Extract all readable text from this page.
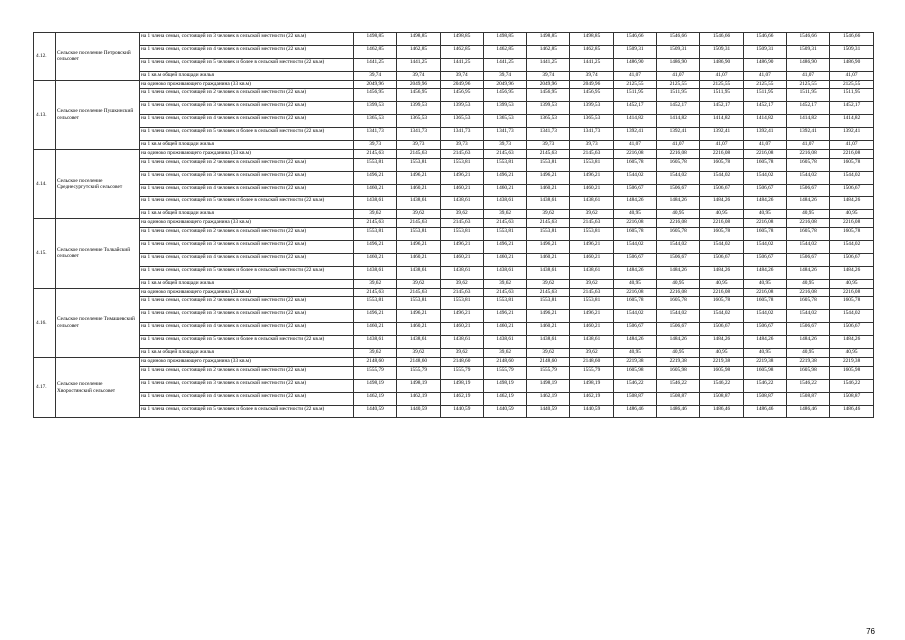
4.12.	Сельское поселение Петровский сельсовет	на 1 члена семьи, состоящей из 3 человек в сельской местности (22 кв.м)	1498,85	1498,85	1498,85	1498,85	1498,85	1498,85	1546,66	1546,66	1546,66	1546,66	1546,66	1546,66
		на 1 члена семьи, состоящей из 4 человек в сельской местности (22 кв.м)	1462,85	1462,85	1462,85	1462,85	1462,85	1462,85	1509,31	1509,31	1509,31	1509,31	1509,31	1509,31
		на 1 члена семьи, состоящей из 5 человек и более в сельской местности (22 кв.м)	1441,25	1441,25	1441,25	1441,25	1441,25	1441,25	1486,90	1486,90	1486,90	1486,90	1486,90	1486,90
		на 1 кв.м общей площади жилья	39,74	39,74	39,74	39,74	39,74	39,74	41,07	41,07	41,07	41,07	41,07	41,07
4.13.	Сельское поселение Пушкинский сельсовет	на одиноко проживающего гражданина (33 кв.м)	2049,96	2049,96	2049,96	2049,96	2049,96	2049,96	2125,55	2125,55	2125,55	2125,55	2125,55	2125,55
		на 1 члена семьи, состоящей из 2 человек в сельской местности (22 кв.м)	1456,95	1456,95	1456,95	1456,95	1456,95	1456,95	1511,95	1511,95	1511,95	1511,95	1511,95	1511,95
		на 1 члена семьи, состоящей из 3 человек в сельской местности (22 кв.м)	1399,53	1399,53	1399,53	1399,53	1399,53	1399,53	1452,17	1452,17	1452,17	1452,17	1452,17	1452,17
		на 1 члена семьи, состоящей из 4 человек в сельской местности (22 кв.м)	1365,53	1365,53	1365,53	1365,53	1365,53	1365,53	1414,82	1414,82	1414,82	1414,82	1414,82	1414,82
		на 1 члена семьи, состоящей из 5 человек и более в сельской местности (22 кв.м)	1341,73	1341,73	1341,73	1341,73	1341,73	1341,73	1392,41	1392,41	1392,41	1392,41	1392,41	1392,41
		на 1 кв.м общей площади жилья	39,73	39,73	39,73	39,73	39,73	39,73	41,07	41,07	41,07	41,07	41,07	41,07
4.14.	Сельское поселение Среднесургутский сельсовет	на одиноко проживающего гражданина (33 кв.м)	2145,63	2145,63	2145,63	2145,63	2145,63	2145,63	2216,08	2216,08	2216,08	2216,08	2216,08	2216,08
		на 1 члена семьи, состоящей из 2 человек в сельской местности (22 кв.м)	1553,81	1553,81	1553,81	1553,81	1553,81	1553,81	1605,78	1605,78	1605,78	1605,78	1605,78	1605,78
		на 1 члена семьи, состоящей из 3 человек в сельской местности (22 кв.м)	1496,21	1496,21	1496,21	1496,21	1496,21	1496,21	1544,02	1544,02	1544,02	1544,02	1544,02	1544,02
		на 1 члена семьи, состоящей из 4 человек в сельской местности (22 кв.м)	1460,21	1460,21	1460,21	1460,21	1460,21	1460,21	1506,67	1506,67	1506,67	1506,67	1506,67	1506,67
		на 1 члена семьи, состоящей из 5 человек и более в сельской местности (22 кв.м)	1438,61	1438,61	1438,61	1438,61	1438,61	1438,61	1484,26	1484,26	1484,26	1484,26	1484,26	1484,26
		на 1 кв.м общей площади жилья	39,62	39,62	39,62	39,62	39,62	39,62	40,95	40,95	40,95	40,95	40,95	40,95
4.15.	Сельское поселение Толкайский сельсовет	на одиноко проживающего гражданина (33 кв.м)	2145,63	2145,63	2145,63	2145,63	2145,63	2145,63	2216,08	2216,08	2216,08	2216,08	2216,08	2216,08
		на 1 члена семьи, состоящей из 2 человек в сельской местности (22 кв.м)	1553,81	1553,81	1553,81	1553,81	1553,81	1553,81	1605,78	1605,78	1605,78	1605,78	1605,78	1605,78
		на 1 члена семьи, состоящей из 3 человек в сельской местности (22 кв.м)	1496,21	1496,21	1496,21	1496,21	1496,21	1496,21	1544,02	1544,02	1544,02	1544,02	1544,02	1544,02
		на 1 члена семьи, состоящей из 4 человек в сельской местности (22 кв.м)	1460,21	1460,21	1460,21	1460,21	1460,21	1460,21	1506,67	1506,67	1506,67	1506,67	1506,67	1506,67
		на 1 члена семьи, состоящей из 5 человек и более в сельской местности (22 кв.м)	1438,61	1438,61	1438,61	1438,61	1438,61	1438,61	1484,26	1484,26	1484,26	1484,26	1484,26	1484,26
		на 1 кв.м общей площади жилья	39,62	39,62	39,62	39,62	39,62	39,62	40,95	40,95	40,95	40,95	40,95	40,95
4.16.	Сельское поселение Тимашевский сельсовет	на одиноко проживающего гражданина (33 кв.м)	2145,63	2145,63	2145,63	2145,63	2145,63	2145,63	2216,08	2216,08	2216,08	2216,08	2216,08	2216,08
		на 1 члена семьи, состоящей из 2 человек в сельской местности (22 кв.м)	1553,81	1553,81	1553,81	1553,81	1553,81	1553,81	1605,78	1605,78	1605,78	1605,78	1605,78	1605,78
		на 1 члена семьи, состоящей из 3 человек в сельской местности (22 кв.м)	1496,21	1496,21	1496,21	1496,21	1496,21	1496,21	1544,02	1544,02	1544,02	1544,02	1544,02	1544,02
		на 1 члена семьи, состоящей из 4 человек в сельской местности (22 кв.м)	1460,21	1460,21	1460,21	1460,21	1460,21	1460,21	1506,67	1506,67	1506,67	1506,67	1506,67	1506,67
		на 1 члена семьи, состоящей из 5 человек и более в сельской местности (22 кв.м)	1438,61	1438,61	1438,61	1438,61	1438,61	1438,61	1484,26	1484,26	1484,26	1484,26	1484,26	1484,26
		на 1 кв.м общей площади жилья	39,62	39,62	39,62	39,62	39,62	39,62	40,95	40,95	40,95	40,95	40,95	40,95
4.17.	Сельское поселение Хворостянский сельсовет	на одиноко проживающего гражданина (33 кв.м)	2148,60	2148,60	2148,60	2148,60	2148,60	2148,60	2219,38	2219,38	2219,38	2219,38	2219,38	2219,38
		на 1 члена семьи, состоящей из 2 человек в сельской местности (22 кв.м)	1555,79	1555,79	1555,79	1555,79	1555,79	1555,79	1605,98	1605,98	1605,98	1605,98	1605,98	1605,98
		на 1 члена семьи, состоящей из 3 человек в сельской местности (22 кв.м)	1498,19	1498,19	1498,19	1498,19	1498,19	1498,19	1546,22	1546,22	1546,22	1546,22	1546,22	1546,22
		на 1 члена семьи, состоящей из 4 человек в сельской местности (22 кв.м)	1462,19	1462,19	1462,19	1462,19	1462,19	1462,19	1508,87	1508,87	1508,87	1508,87	1508,87	1508,87
		на 1 члена семьи, состоящей из 5 человек и более в сельской местности (22 кв.м)	1440,59	1440,59	1440,59	1440,59	1440,59	1440,59	1486,46	1486,46	1486,46	1486,46	1486,46	1486,46
76
